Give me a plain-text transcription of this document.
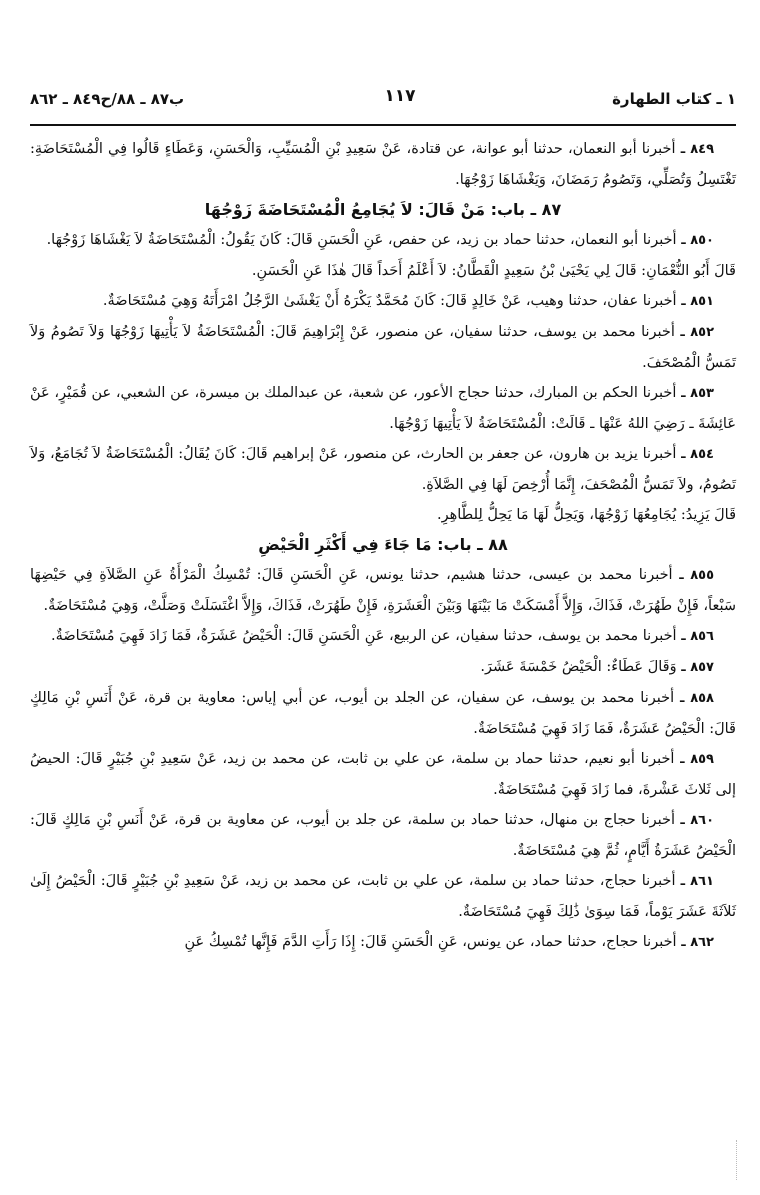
١ ـ كتاب الطهارة
١١٧
ب٨٧ ـ ٨٨/ح٨٤٩ ـ ٨٦٢

٨٤٩ ـ أخبرنا أبو النعمان، حدثنا أبو عوانة، عن قتادة، عَنْ سَعِيدِ بْنِ الْمُسَيِّبِ، وَالْحَسَنِ، وَعَطَاءٍ قَالُوا فِي الْمُسْتَحَاضَةِ: تَغْتَسِلُ وَتُصَلِّي، وَتَصُومُ رَمَضَانَ، وَيَغْشَاهَا زَوْجُهَا.

٨٧ ـ باب: مَنْ قَالَ: لاَ يُجَامِعُ الْمُسْتَحَاضَةَ زَوْجُهَا

٨٥٠ ـ أخبرنا أبو النعمان، حدثنا حماد بن زيد، عن حفص، عَنِ الْحَسَنِ قَالَ: كَانَ يَقُولُ: الْمُسْتَحَاضَةُ لاَ يَغْشَاهَا زَوْجُهَا.

قَالَ أَبُو النُّعْمَانِ: قَالَ لِي يَحْيَىٰ بْنُ سَعِيدٍ الْقَطَّانُ: لاَ أَعْلَمُ أَحَداً قَالَ هٰذَا عَنِ الْحَسَنِ.

٨٥١ ـ أخبرنا عفان، حدثنا وهيب، عَنْ خَالِدٍ قَالَ: كَانَ مُحَمَّدٌ يَكْرَهُ أَنْ يَغْشَىٰ الرَّجُلُ امْرَأَتَهُ وَهِيَ مُسْتَحَاضَةٌ.

٨٥٢ ـ أخبرنا محمد بن يوسف، حدثنا سفيان، عن منصور، عَنْ إِبْرَاهِيمَ قَالَ: الْمُسْتَحَاضَةُ لاَ يَأْتِيهَا زَوْجُهَا وَلاَ تَصُومُ وَلاَ تَمَسُّ الْمُصْحَفَ.

٨٥٣ ـ أخبرنا الحكم بن المبارك، حدثنا حجاج الأعور، عن شعبة، عن عبدالملك بن ميسرة، عن الشعبي، عن قُمَيْرٍ، عَنْ عَائِشَةَ ـ رَضِيَ اللهُ عَنْهَا ـ قَالَتْ: الْمُسْتَحَاضَةُ لاَ يَأْتِيهَا زَوْجُهَا.

٨٥٤ ـ أخبرنا يزيد بن هارون، عن جعفر بن الحارث، عن منصور، عَنْ إبراهيم قَالَ: كَانَ يُقَالُ: الْمُسْتَحَاضَةُ لاَ تُجَامَعُ، وَلاَ تَصُومُ، ولاَ تَمَسُّ الْمُصْحَفَ، إِنَّمَا أُرْخِصَ لَهَا فِي الصَّلاَةِ.

قَالَ يَزِيدُ: يُجَامِعُهَا زَوْجُهَا، وَيَحِلُّ لَهَا مَا يَحِلُّ لِلطَّاهِرِ.

٨٨ ـ باب: مَا جَاءَ فِي أَكْثَرِ الْحَيْضِ

٨٥٥ ـ أخبرنا محمد بن عيسى، حدثنا هشيم، حدثنا يونس، عَنِ الْحَسَنِ قَالَ: تُمْسِكُ الْمَرْأَةُ عَنِ الصَّلاَةِ فِي حَيْضِهَا سَبْعاً، فَإِنْ طَهُرَتْ، فَذَاكَ، وَإِلاَّ أَمْسَكَتْ مَا بَيْنَهَا وَبَيْنَ الْعَشَرَةِ، فَإِنْ طَهُرَتْ، فَذَاكَ، وَإِلاَّ اغْتَسَلَتْ وَصَلَّتْ، وَهِيَ مُسْتَحَاضَةٌ.

٨٥٦ ـ أخبرنا محمد بن يوسف، حدثنا سفيان، عن الربيع، عَنِ الْحَسَنِ قَالَ: الْحَيْضُ عَشَرَةٌ، فَمَا زَادَ فَهِيَ مُسْتَحَاضَةٌ.

٨٥٧ ـ وَقَالَ عَطَاءٌ: الْحَيْضُ خَمْسَةَ عَشَرَ.

٨٥٨ ـ أخبرنا محمد بن يوسف، عن سفيان، عن الجلد بن أيوب، عن أبي إياس: معاوية بن قرة، عَنْ أَنَسِ بْنِ مَالِكٍ قَالَ: الْحَيْضُ عَشَرَةٌ، فَمَا زَادَ فَهِيَ مُسْتَحَاضَةٌ.

٨٥٩ ـ أخبرنا أبو نعيم، حدثنا حماد بن سلمة، عن علي بن ثابت، عن محمد بن زيد، عَنْ سَعِيدِ بْنِ جُبَيْرٍ قَالَ: الحيضُ إلى ثَلاثَ عَشْرةَ، فما زَادَ فَهِيَ مُسْتَحَاضَةٌ.

٨٦٠ ـ أخبرنا حجاج بن منهال، حدثنا حماد بن سلمة، عن جلد بن أيوب، عن معاوية بن قرة، عَنْ أَنَسِ بْنِ مَالِكٍ قَالَ: الْحَيْضُ عَشَرَةُ أَيَّامٍ، ثُمَّ هِيَ مُسْتَحَاضَةٌ.

٨٦١ ـ أخبرنا حجاج، حدثنا حماد بن سلمة، عن علي بن ثابت، عن محمد بن زيد، عَنْ سَعِيدِ بْنِ جُبَيْرٍ قَالَ: الْحَيْضُ إِلَىٰ ثَلاَثَةَ عَشَرَ يَوْماً، فَمَا سِوَىٰ ذَٰلِكَ فَهِيَ مُسْتَحَاضَةٌ.

٨٦٢ ـ أخبرنا حجاج، حدثنا حماد، عن يونس، عَنِ الْحَسَنِ قَالَ: إِذَا رَأَتِ الدَّمَ فَإِنَّها تُمْسِكُ عَنِ
